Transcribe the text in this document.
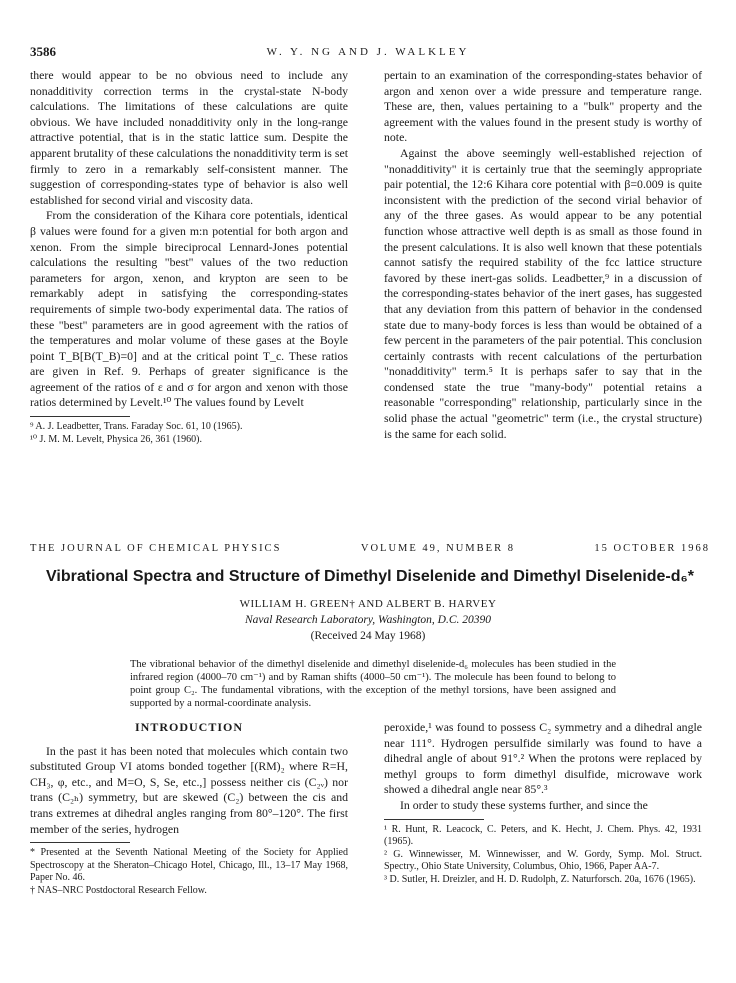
3586	W. Y. NG AND J. WALKLEY

there would appear to be no obvious need to include any nonadditivity correction terms in the crystal-state N-body calculations. The limitations of these calculations are quite obvious. We have included nonadditivity only in the long-range attractive potential, that is in the static lattice sum. Despite the apparent brutality of these calculations the nonadditivity term is set firmly to zero in a remarkably self-consistent manner. The suggestion of corresponding-states type of behavior is also well established for second virial and viscosity data.

From the consideration of the Kihara core potentials, identical β values were found for a given m:n potential for both argon and xenon. From the simple bireciprocal Lennard-Jones potential calculations the resulting "best" values of the two reduction parameters for argon, xenon, and krypton are seen to be remarkably adept in satisfying the corresponding-states requirements of simple two-body experimental data. The ratios of these "best" parameters are in good agreement with the ratios of the temperatures and molar volume of these gases at the Boyle point T_B[B(T_B)=0] and at the critical point T_c. These ratios are given in Ref. 9. Perhaps of greater significance is the agreement of the ratios of ε and σ for argon and xenon with those ratios determined by Levelt.¹⁰ The values found by Levelt

⁹ A. J. Leadbetter, Trans. Faraday Soc. 61, 10 (1965).
¹⁰ J. M. M. Levelt, Physica 26, 361 (1960).

pertain to an examination of the corresponding-states behavior of argon and xenon over a wide pressure and temperature range. These are, then, values pertaining to a "bulk" property and the agreement with the values found in the present study is worthy of note.

Against the above seemingly well-established rejection of "nonadditivity" it is certainly true that the seemingly appropriate pair potential, the 12:6 Kihara core potential with β=0.009 is quite inconsistent with the prediction of the second virial behavior of any of the three gases. As would appear to be any potential function whose attractive well depth is as small as those found in the present calculations. It is also well known that these potentials cannot satisfy the required stability of the fcc lattice structure favored by these inert-gas solids. Leadbetter,⁹ in a discussion of the corresponding-states behavior of the inert gases, has suggested that any deviation from this pattern of behavior in the condensed state due to many-body forces is less than would be obtained of a few percent in the parameters of the pair potential. This conclusion certainly contrasts with recent calculations of the perturbation "nonadditivity" term.⁵ It is perhaps safer to say that in the condensed state the true "many-body" potential retains a reasonable "corresponding" relationship, particularly since in the solid phase the actual "geometric" term (i.e., the crystal structure) is the same for each solid.

THE JOURNAL OF CHEMICAL PHYSICS	VOLUME 49, NUMBER 8	15 OCTOBER 1968
Vibrational Spectra and Structure of Dimethyl Diselenide and Dimethyl Diselenide-d₆*
WILLIAM H. GREEN† AND ALBERT B. HARVEY
Naval Research Laboratory, Washington, D.C. 20390
(Received 24 May 1968)
The vibrational behavior of the dimethyl diselenide and dimethyl diselenide-d₆ molecules has been studied in the infrared region (4000–70 cm⁻¹) and by Raman shifts (4000–50 cm⁻¹). The molecule has been found to belong to point group C₂. The fundamental vibrations, with the exception of the methyl torsions, have been assigned and supported by a normal-coordinate analysis.
INTRODUCTION

In the past it has been noted that molecules which contain two substituted Group VI atoms bonded together [(RM)₂ where R=H, CH₃, φ, etc., and M=O, S, Se, etc.,] possess neither cis (C₂ᵥ) nor trans (C₂ₕ) symmetry, but are skewed (C₂) between the cis and trans extremes at dihedral angles ranging from 80°–120°. The first member of the series, hydrogen

* Presented at the Seventh National Meeting of the Society for Applied Spectroscopy at the Sheraton–Chicago Hotel, Chicago, Ill., 13–17 May 1968, Paper No. 46.
† NAS–NRC Postdoctoral Research Fellow.

peroxide,¹ was found to possess C₂ symmetry and a dihedral angle near 111°. Hydrogen persulfide similarly was found to have a dihedral angle of about 91°.² When the protons were replaced by methyl groups to form dimethyl disulfide, microwave work showed a dihedral angle near 85°.³

In order to study these systems further, and since the

¹ R. Hunt, R. Leacock, C. Peters, and K. Hecht, J. Chem. Phys. 42, 1931 (1965).
² G. Winnewisser, M. Winnewisser, and W. Gordy, Symp. Mol. Struct. Spectry., Ohio State University, Columbus, Ohio, 1966, Paper AA-7.
³ D. Sutler, H. Dreizler, and H. D. Rudolph, Z. Naturforsch. 20a, 1676 (1965).
